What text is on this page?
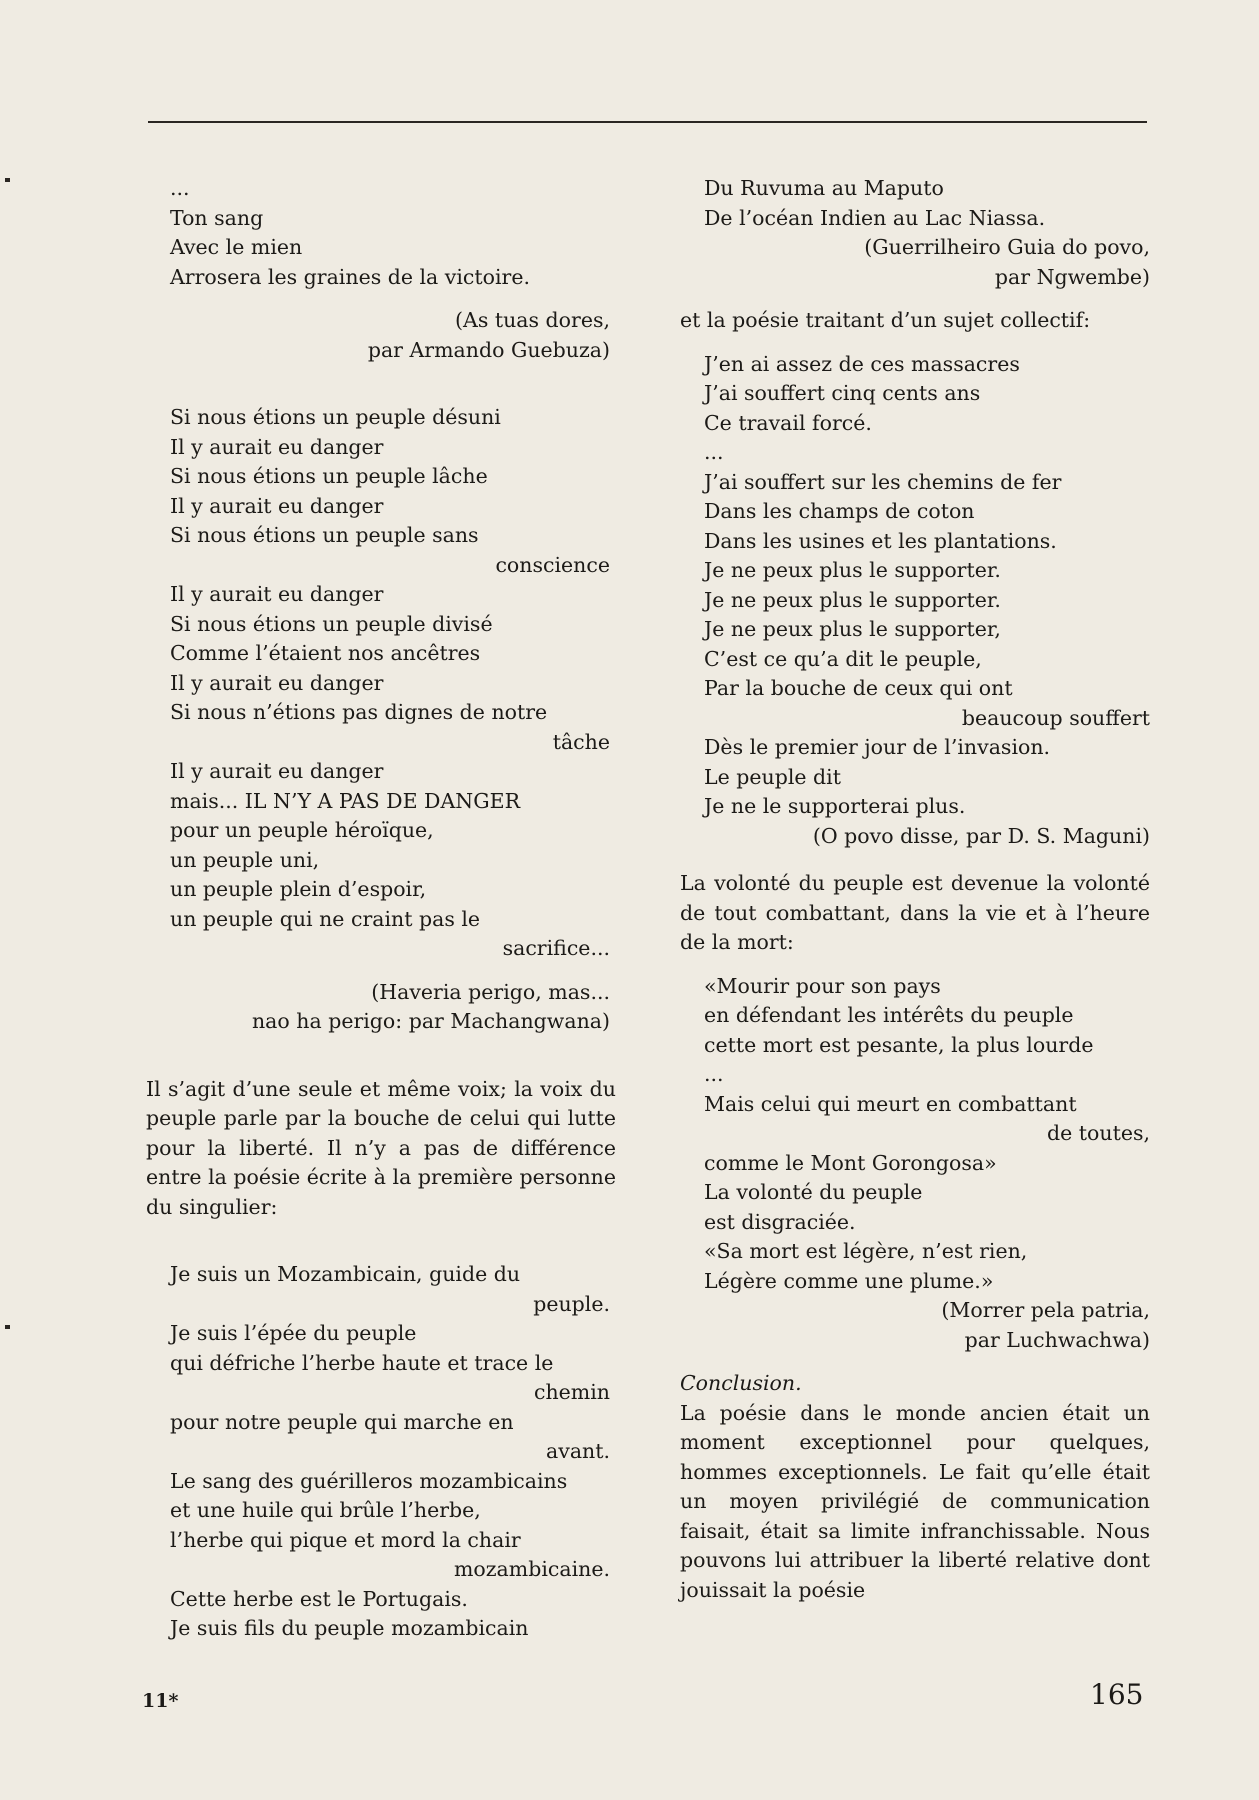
...
Ton sang
Avec le mien
Arrosera les graines de la victoire.
(As tuas dores,
par Armando Guebuza)
Si nous étions un peuple désuni
Il y aurait eu danger
Si nous étions un peuple lâche
Il y aurait eu danger
Si nous étions un peuple sans
conscience
Il y aurait eu danger
Si nous étions un peuple divisé
Comme l’étaient nos ancêtres
Il y aurait eu danger
Si nous n’étions pas dignes de notre
tâche
Il y aurait eu danger
mais... IL N’Y A PAS DE DANGER
pour un peuple héroïque,
un peuple uni,
un peuple plein d’espoir,
un peuple qui ne craint pas le
sacrifice...
(Haveria perigo, mas...
nao ha perigo: par Machangwana)
Il s’agit d’une seule et même voix; la voix du peuple parle par la bouche de celui qui lutte pour la liberté. Il n’y a pas de différence entre la poésie écrite à la première personne du singulier:
Je suis un Mozambicain, guide du
peuple.
Je suis l’épée du peuple
qui défriche l’herbe haute et trace le
chemin
pour notre peuple qui marche en
avant.
Le sang des guérilleros mozambicains
et une huile qui brûle l’herbe,
l’herbe qui pique et mord la chair
mozambicaine.
Cette herbe est le Portugais.
Je suis fils du peuple mozambicain
Du Ruvuma au Maputo
De l’océan Indien au Lac Niassa.
(Guerrilheiro Guia do povo,
par Ngwembe)
et la poésie traitant d’un sujet collectif:
J’en ai assez de ces massacres
J’ai souffert cinq cents ans
Ce travail forcé.
...
J’ai souffert sur les chemins de fer
Dans les champs de coton
Dans les usines et les plantations.
Je ne peux plus le supporter.
Je ne peux plus le supporter.
Je ne peux plus le supporter,
C’est ce qu’a dit le peuple,
Par la bouche de ceux qui ont
beaucoup souffert
Dès le premier jour de l’invasion.
Le peuple dit
Je ne le supporterai plus.
(O povo disse, par D. S. Maguni)
La volonté du peuple est devenue la volonté de tout combattant, dans la vie et à l’heure de la mort:
«Mourir pour son pays
en défendant les intérêts du peuple
cette mort est pesante, la plus lourde
...
Mais celui qui meurt en combattant
de toutes,
comme le Mont Gorongosa»
La volonté du peuple
est disgraciée.
«Sa mort est légère, n’est rien,
Légère comme une plume.»
(Morrer pela patria,
par Luchwachwa)
Conclusion.
La poésie dans le monde ancien était un moment exceptionnel pour quelques, hommes exceptionnels. Le fait qu’elle était un moyen privilégié de communication faisait, était sa limite infranchissable. Nous pouvons lui attribuer la liberté relative dont jouissait la poésie
11*	165
